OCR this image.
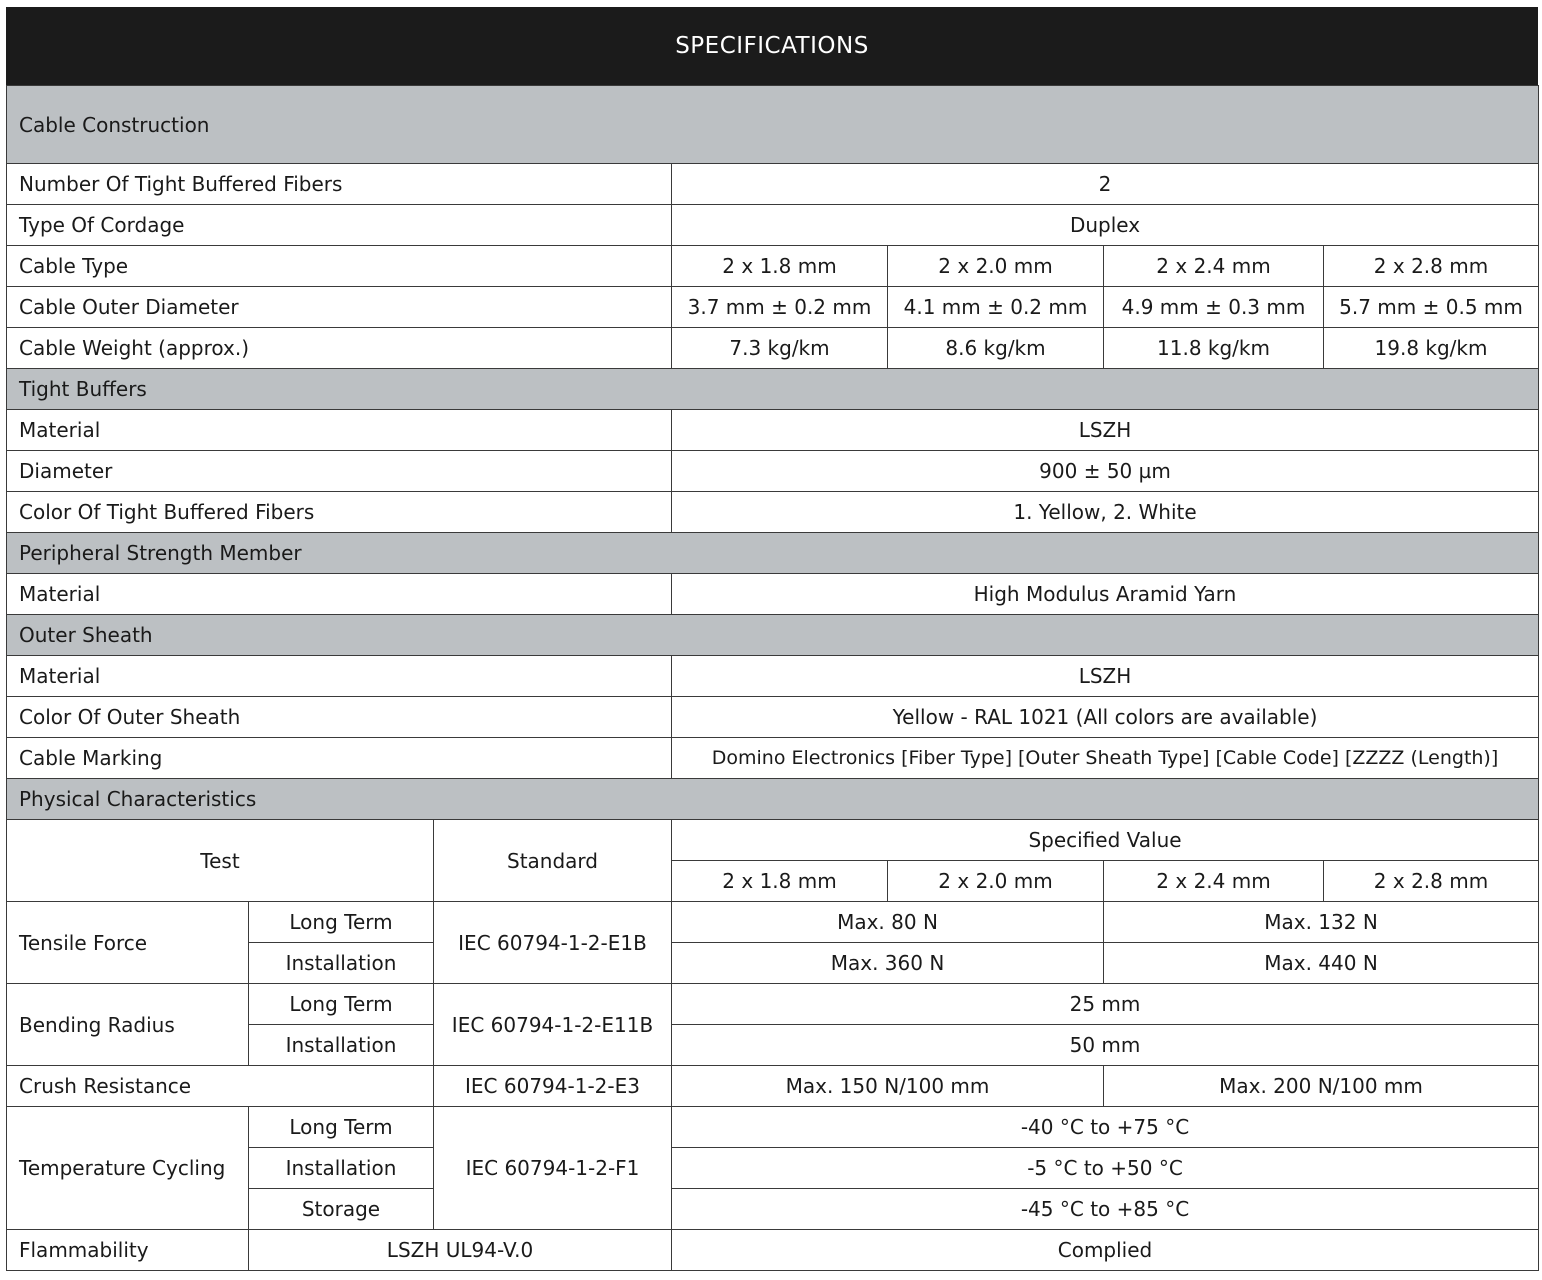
SPECIFICATIONS
Cable Construction						
Number Of Tight Buffered Fibers			2			
Type Of Cordage			Duplex			
Cable Type			2 x 1.8 mm	2 x 2.0 mm	2 x 2.4 mm	2 x 2.8 mm
Cable Outer Diameter			3.7 mm ± 0.2 mm	4.1 mm ± 0.2 mm	4.9 mm ± 0.3 mm	5.7 mm ± 0.5 mm
Cable Weight (approx.)			7.3 kg/km	8.6 kg/km	11.8 kg/km	19.8 kg/km
Tight Buffers						
Material			LSZH			
Diameter			900 ± 50 µm			
Color Of Tight Buffered Fibers			1. Yellow, 2. White			
Peripheral Strength Member						
Material			High Modulus Aramid Yarn			
Outer Sheath						
Material			LSZH			
Color Of Outer Sheath			Yellow - RAL 1021 (All colors are available)			
Cable Marking			Domino Electronics [Fiber Type] [Outer Sheath Type] [Cable Code] [ZZZZ (Length)]			
Physical Characteristics						
Test		Standard	Specified Value			
			2 x 1.8 mm	2 x 2.0 mm	2 x 2.4 mm	2 x 2.8 mm
Tensile Force	Long Term	IEC 60794-1-2-E1B	Max. 80 N		Max. 132 N	
	Installation		Max. 360 N		Max. 440 N	
Bending Radius	Long Term	IEC 60794-1-2-E11B	25 mm			
	Installation		50 mm			
Crush Resistance		IEC 60794-1-2-E3	Max. 150 N/100 mm		Max. 200 N/100 mm	
Temperature Cycling	Long Term	IEC 60794-1-2-F1	-40 °C to +75 °C			
	Installation		-5 °C to +50 °C			
	Storage		-45 °C to +85 °C			
Flammability	LSZH UL94-V.0		Complied			
